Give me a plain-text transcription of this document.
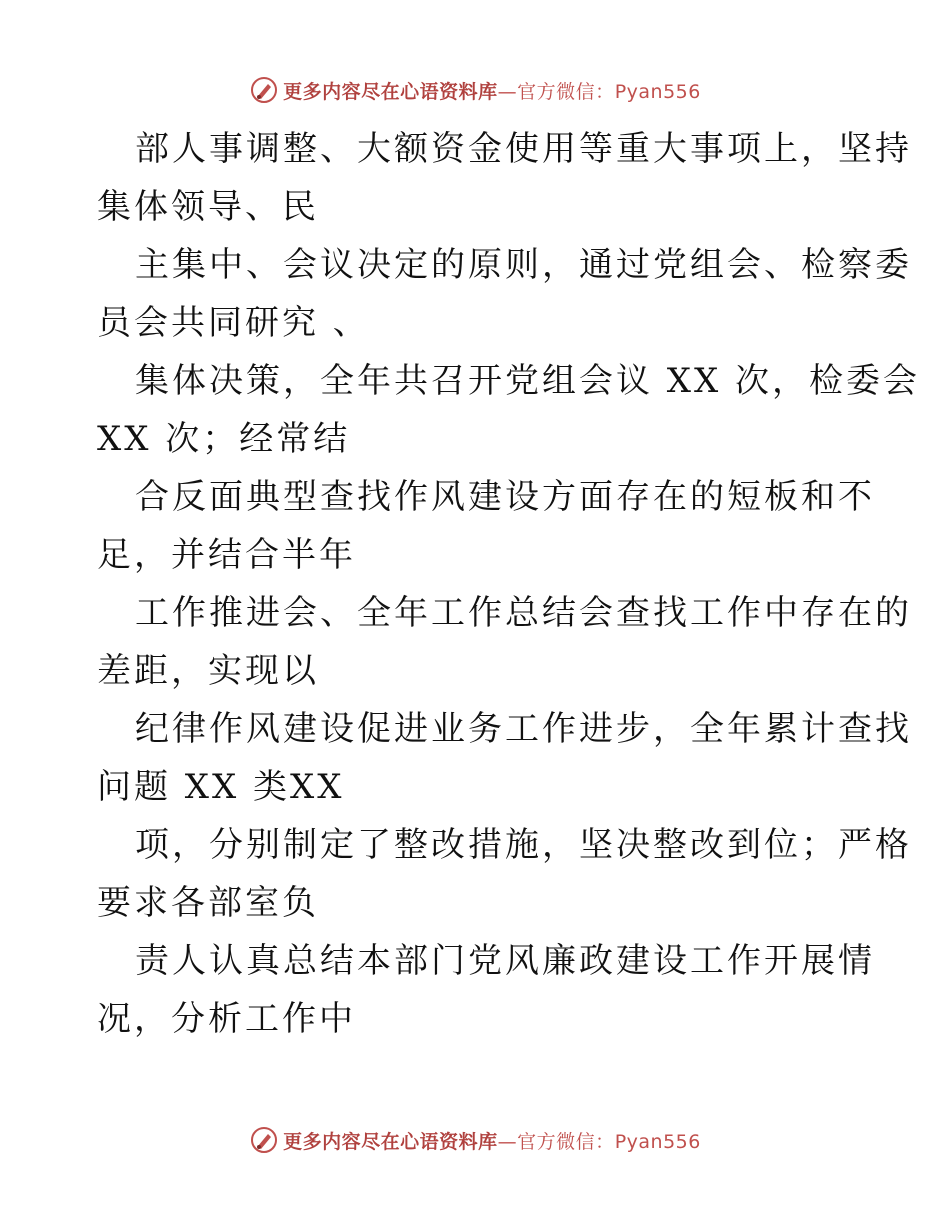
更多内容尽在心语资料库—官方微信：Pyan556

部人事调整、大额资金使用等重大事项上，坚持
集体领导、民

主集中、会议决定的原则，通过党组会、检察委
员会共同研究 、

集体决策，全年共召开党组会议 XX 次，检委会
XX 次；经常结

合反面典型查找作风建设方面存在的短板和不
足，并结合半年

工作推进会、全年工作总结会查找工作中存在的
差距，实现以

纪律作风建设促进业务工作进步，全年累计查找
问题 XX 类XX

项，分别制定了整改措施，坚决整改到位；严格
要求各部室负

责人认真总结本部门党风廉政建设工作开展情
况，分析工作中

更多内容尽在心语资料库—官方微信：Pyan556
